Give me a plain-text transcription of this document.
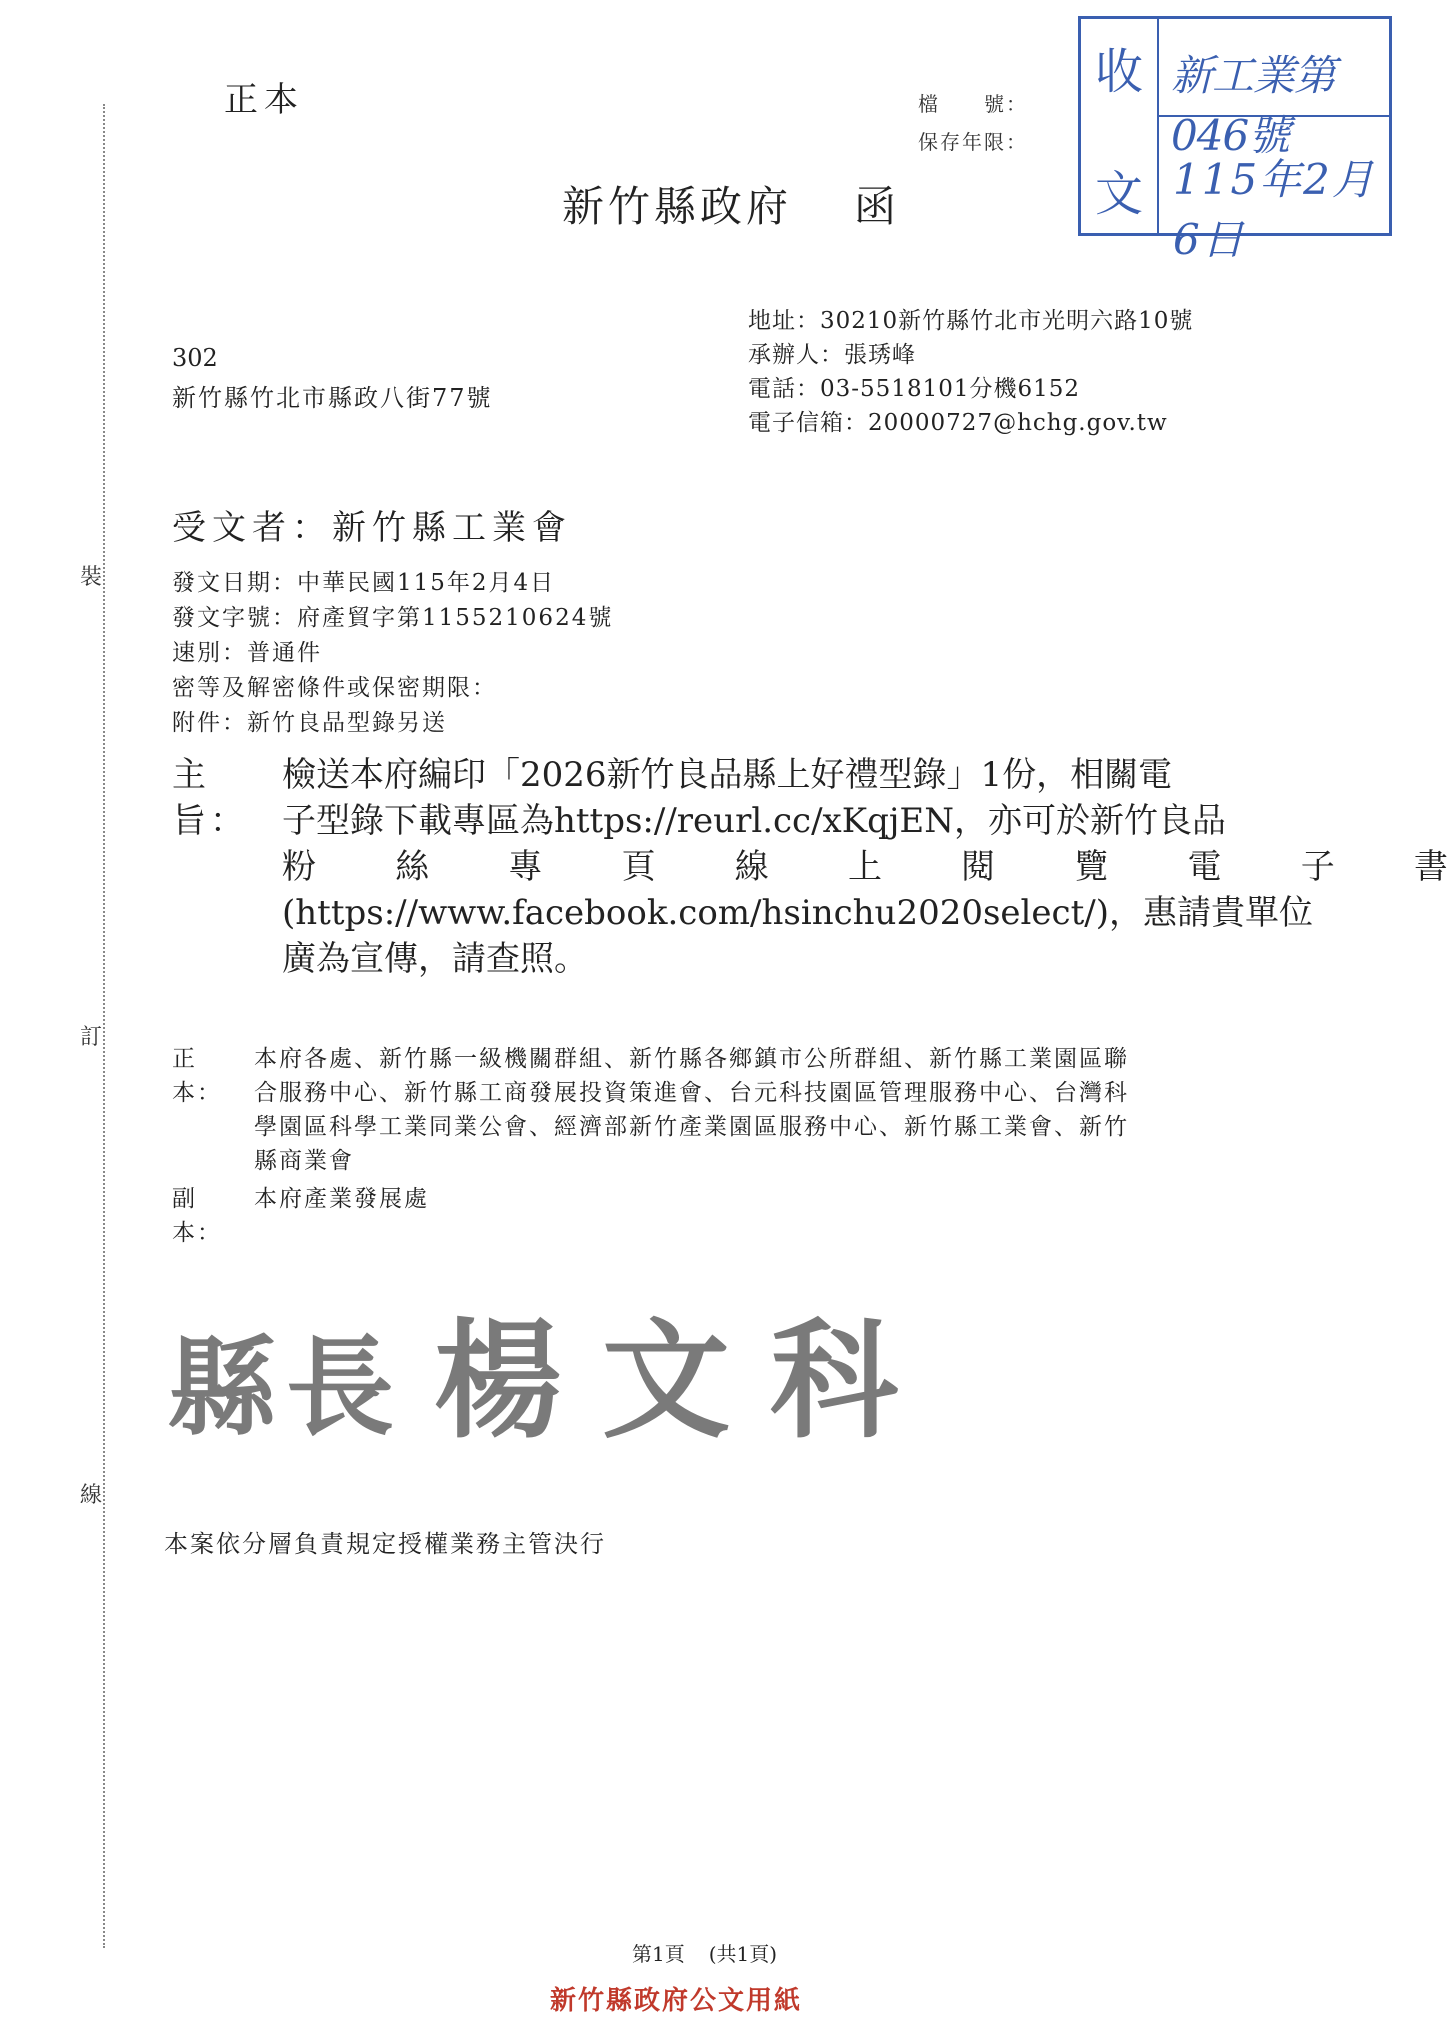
裝
訂
線
正本	檔　　號：
保存年限：
新竹縣政府 函
收
文
新工業第046號
115年2月6日
地址：30210新竹縣竹北市光明六路10號
承辦人：張琇峰
電話：03-5518101分機6152
電子信箱：20000727@hchg.gov.tw
302
新竹縣竹北市縣政八街77號
受文者：新竹縣工業會
發文日期：中華民國115年2月4日
發文字號：府產貿字第1155210624號
速別：普通件
密等及解密條件或保密期限：
附件：新竹良品型錄另送
主旨：
檢送本府編印「2026新竹良品縣上好禮型錄」1份，相關電
子型錄下載專區為https://reurl.cc/xKqjEN，亦可於新竹良品
粉 絲 專 頁 線 上 閱 覽 電 子 書
(https://www.facebook.com/hsinchu2020select/)，惠請貴單位
廣為宣傳，請查照。
正本：
本府各處、新竹縣一級機關群組、新竹縣各鄉鎮市公所群組、新竹縣工業園區聯
合服務中心、新竹縣工商發展投資策進會、台元科技園區管理服務中心、台灣科
學園區科學工業同業公會、經濟部新竹產業園區服務中心、新竹縣工業會、新竹
縣商業會
副本：
本府產業發展處
縣長 楊 文 科
本案依分層負責規定授權業務主管決行
第1頁 (共1頁)
新竹縣政府公文用紙
